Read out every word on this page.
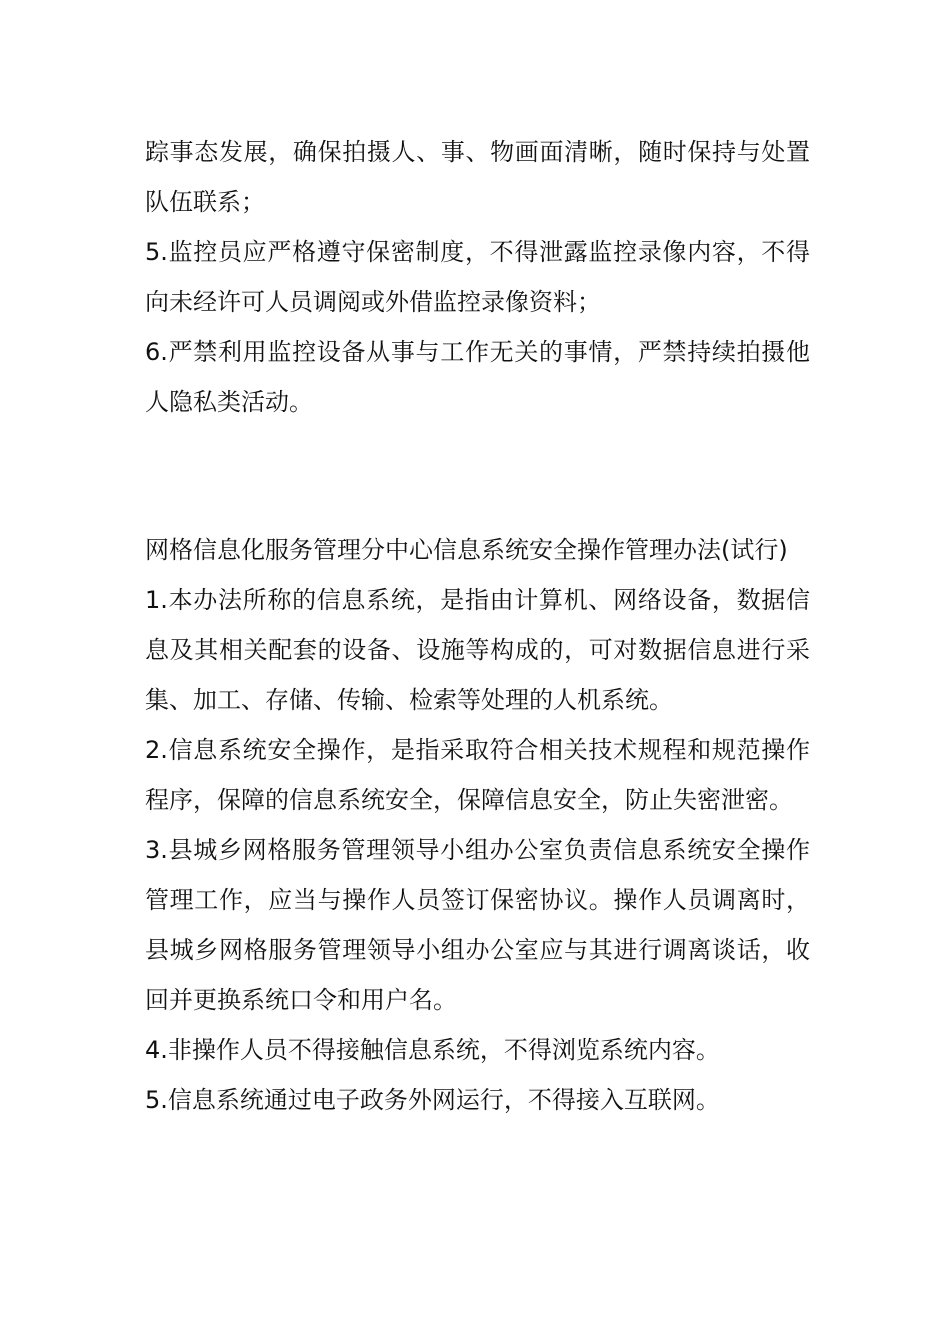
踪事态发展，确保拍摄人、事、物画面清晰，随时保持与处置队伍联系；

5.监控员应严格遵守保密制度，不得泄露监控录像内容，不得向未经许可人员调阅或外借监控录像资料；

6.严禁利用监控设备从事与工作无关的事情，严禁持续拍摄他人隐私类活动。

网格信息化服务管理分中心信息系统安全操作管理办法(试行)

1.本办法所称的信息系统，是指由计算机、网络设备，数据信息及其相关配套的设备、设施等构成的，可对数据信息进行采集、加工、存储、传输、检索等处理的人机系统。

2.信息系统安全操作，是指采取符合相关技术规程和规范操作程序，保障的信息系统安全，保障信息安全，防止失密泄密。

3.县城乡网格服务管理领导小组办公室负责信息系统安全操作管理工作，应当与操作人员签订保密协议。操作人员调离时，县城乡网格服务管理领导小组办公室应与其进行调离谈话，收回并更换系统口令和用户名。

4.非操作人员不得接触信息系统，不得浏览系统内容。

5.信息系统通过电子政务外网运行，不得接入互联网。
